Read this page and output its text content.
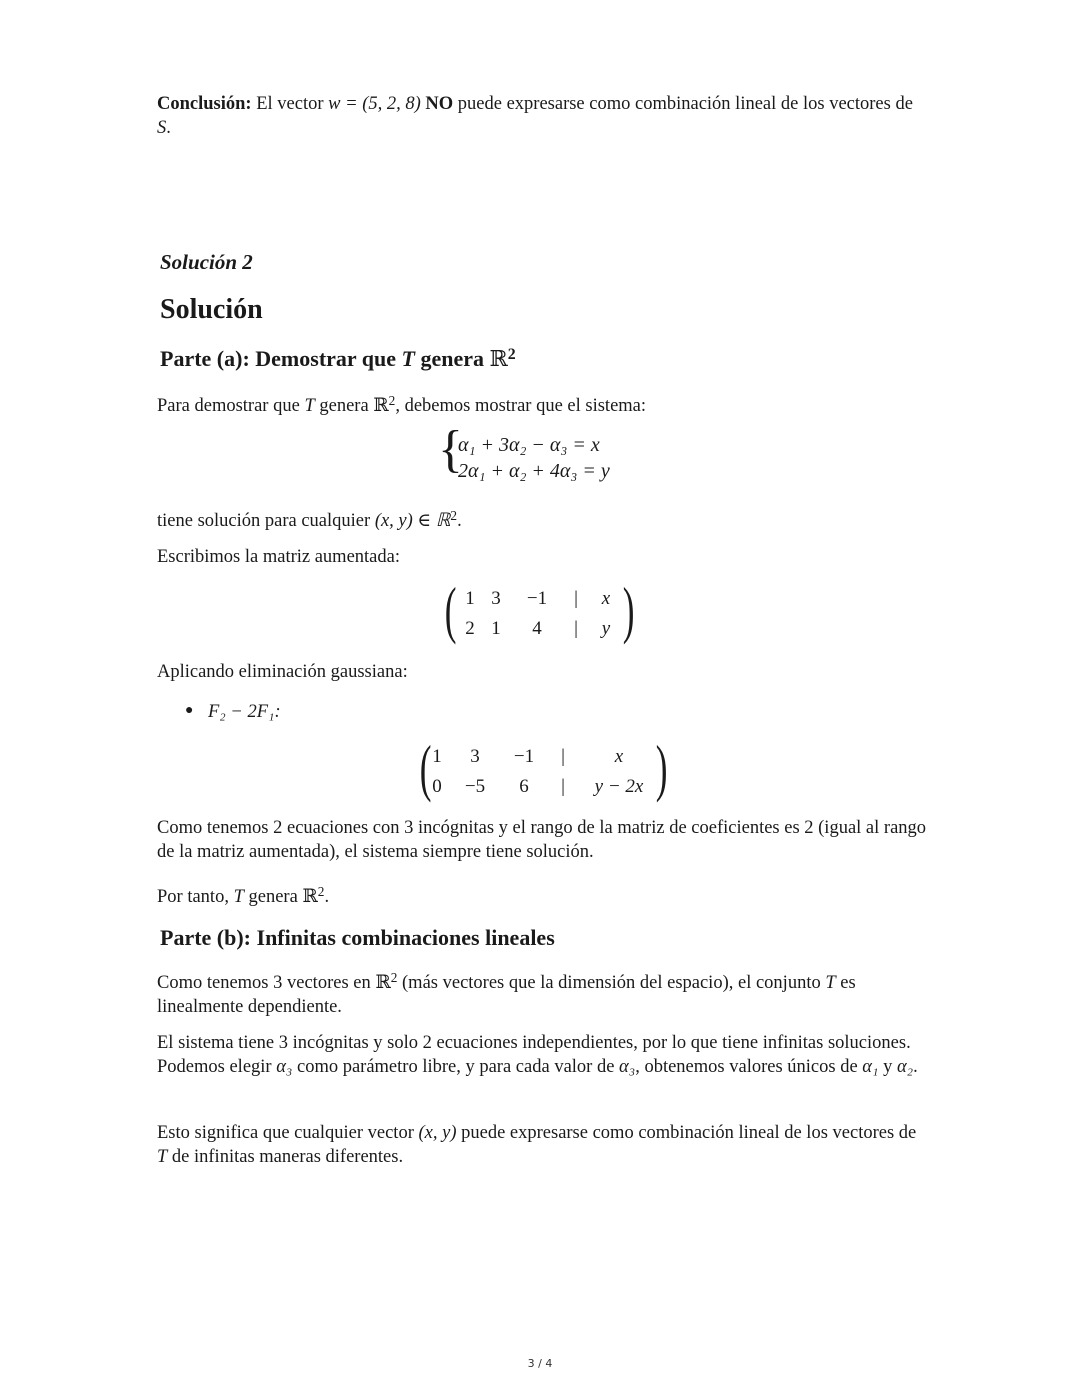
Conclusión: El vector w = (5, 2, 8) NO puede expresarse como combinación lineal de los vectores de S.
Solución 2
Solución
Parte (a): Demostrar que T genera ℝ$^2$
Para demostrar que T genera ℝ$^2$, debemos mostrar que el sistema:
{
α₁ + 3α₂ − α₃ = x
2α₁ + α₂ + 4α₃ = y
tiene solución para cualquier (x, y) ∈ ℝ$^2$.
Escribimos la matriz aumentada:
( 1	3	−1	|	x
2	1	4	|	y )
Aplicando eliminación gaussiana:
● F₂ − 2F₁:
( 1	3	−1	|	x
0	−5	6	|	y − 2x )
Como tenemos 2 ecuaciones con 3 incógnitas y el rango de la matriz de coeficientes es 2 (igual al rango de la matriz aumentada), el sistema siempre tiene solución.
Por tanto, T genera ℝ$^2$.
Parte (b): Infinitas combinaciones lineales
Como tenemos 3 vectores en ℝ$^2$ (más vectores que la dimensión del espacio), el conjunto T es linealmente dependiente.
El sistema tiene 3 incógnitas y solo 2 ecuaciones independientes, por lo que tiene infinitas soluciones. Podemos elegir α₃ como parámetro libre, y para cada valor de α₃, obtenemos valores únicos de α₁ y α₂.
Esto significa que cualquier vector (x, y) puede expresarse como combinación lineal de los vectores de T de infinitas maneras diferentes.
3 / 4
